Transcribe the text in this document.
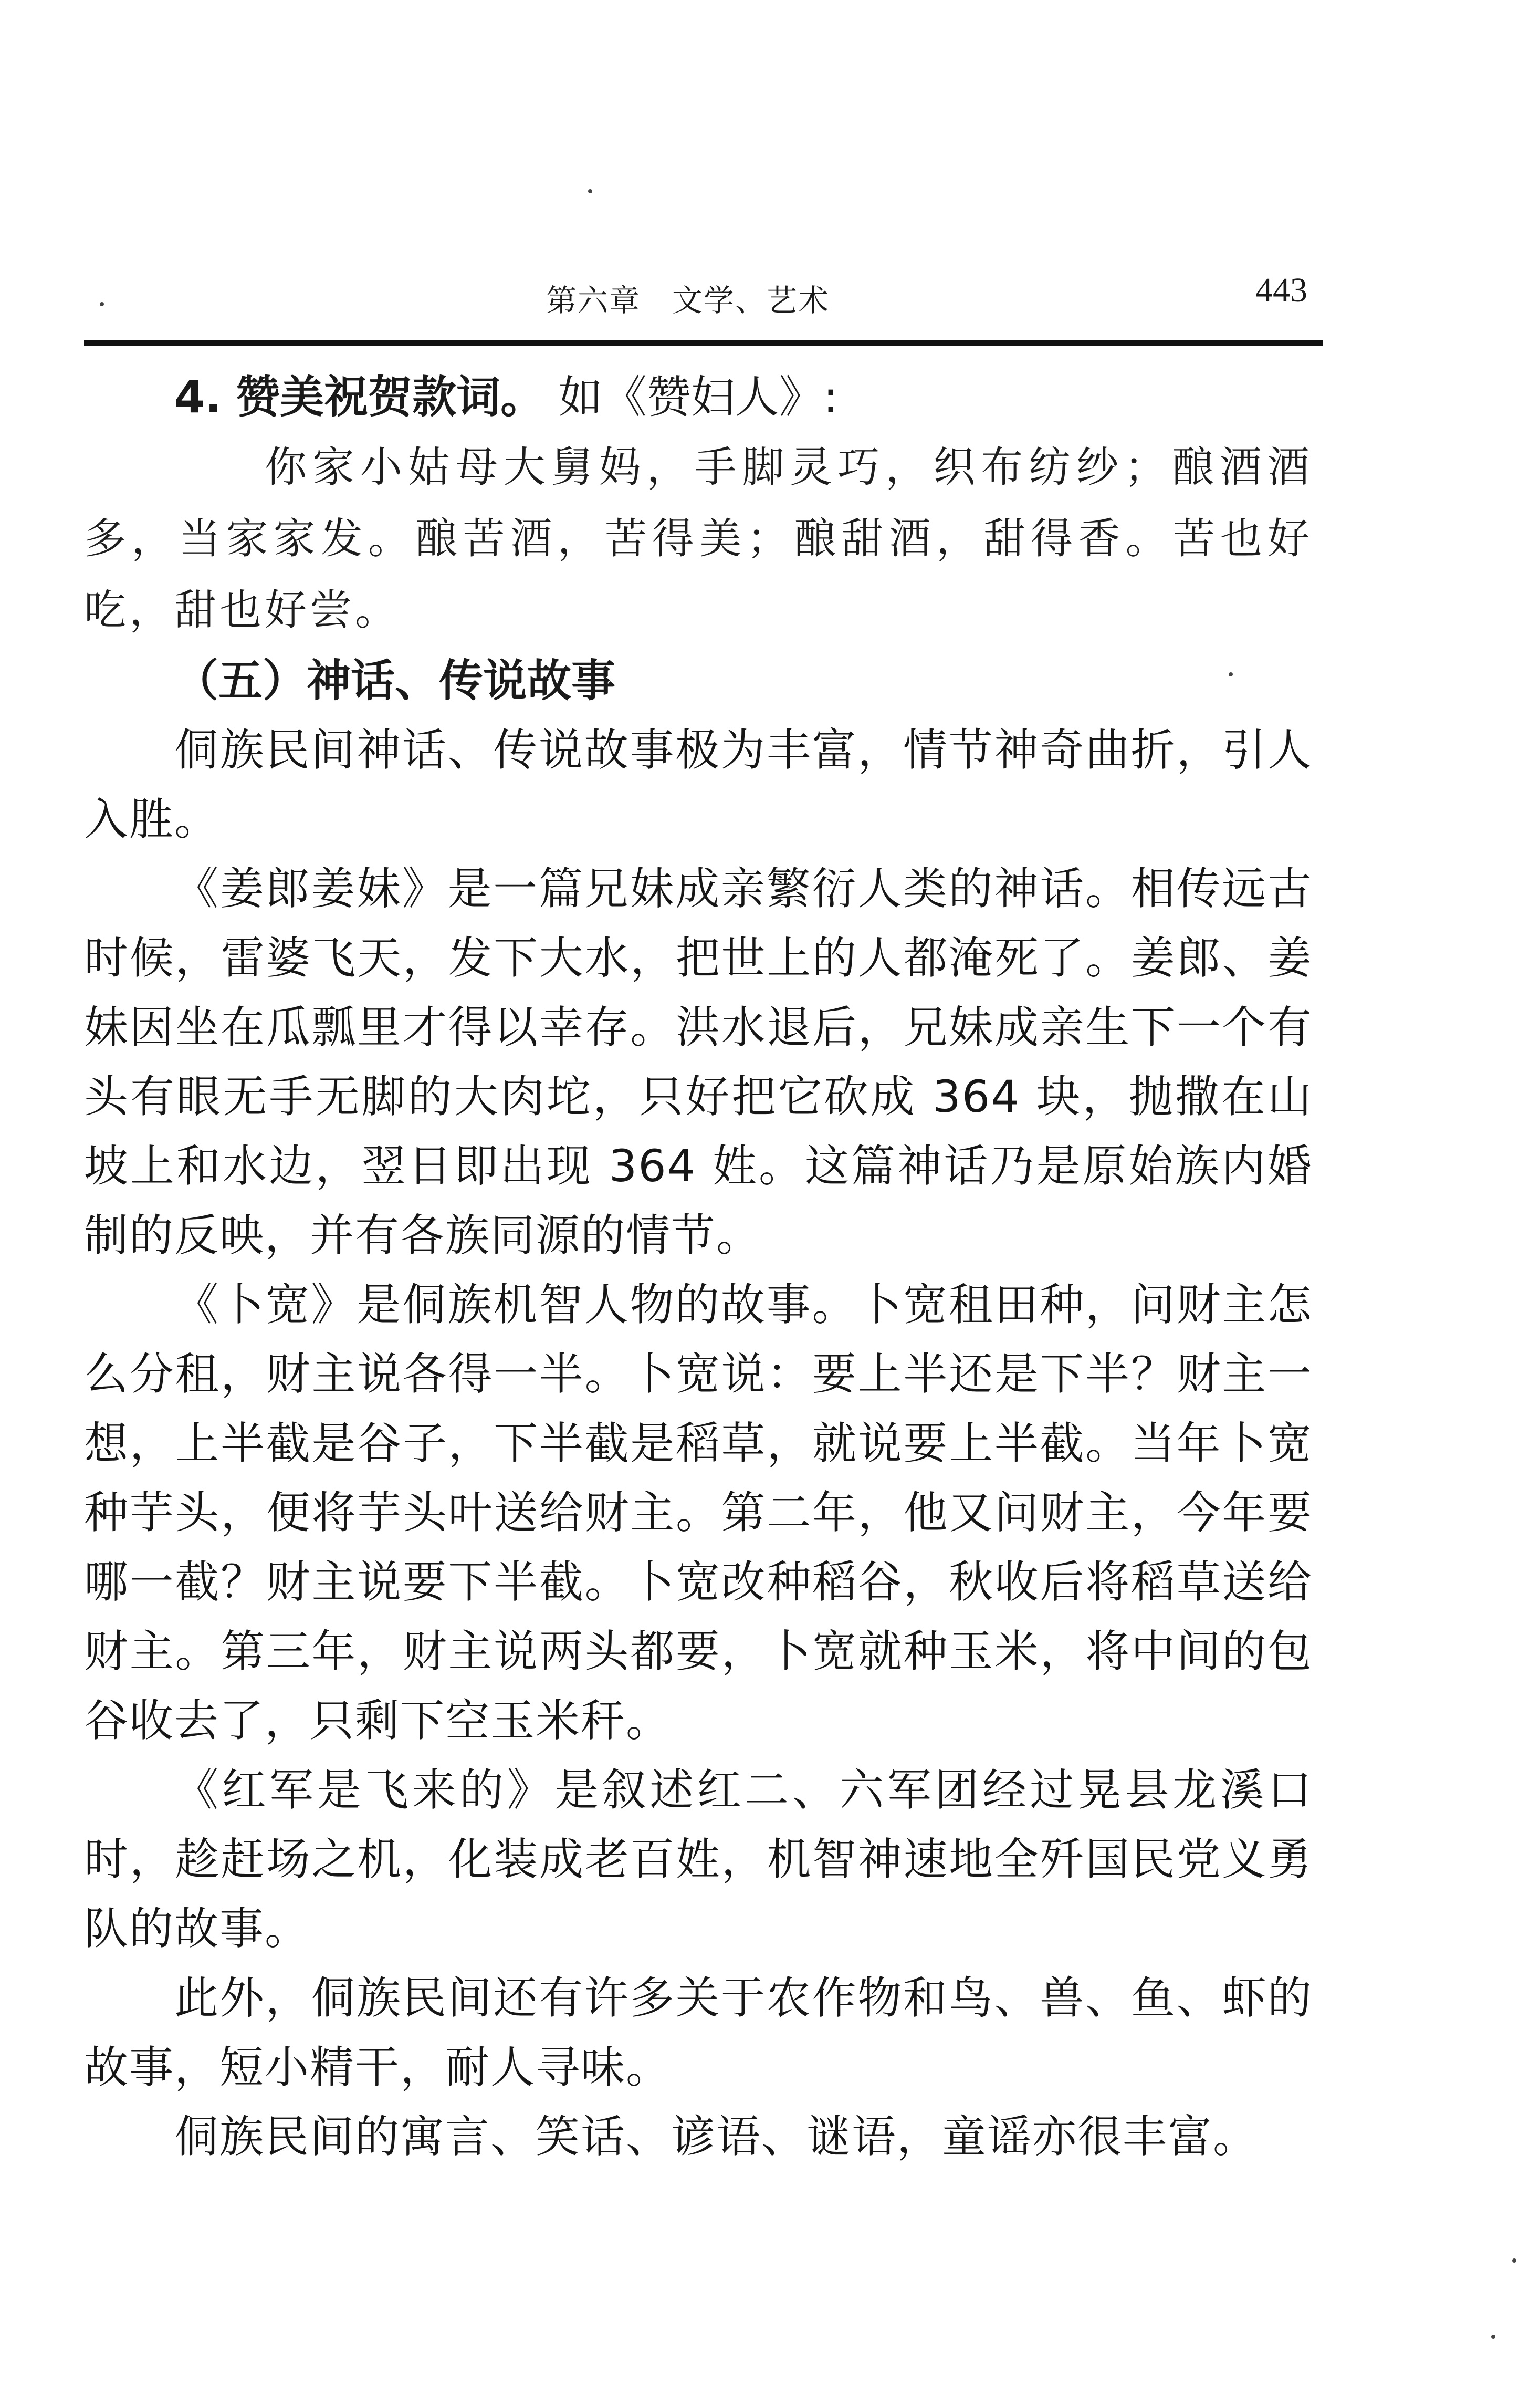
第六章　文学、艺术	443

4. 赞美祝贺款词。 如《赞妇人》:

你家小姑母大舅妈，手脚灵巧，织布纺纱；酿酒酒多，当家家发。酿苦酒，苦得美；酿甜酒，甜得香。苦也好吃，甜也好尝。

（五）神话、传说故事

侗族民间神话、传说故事极为丰富，情节神奇曲折，引人入胜。

《姜郎姜妹》是一篇兄妹成亲繁衍人类的神话。相传远古时候，雷婆飞天，发下大水，把世上的人都淹死了。姜郎、姜妹因坐在瓜瓢里才得以幸存。洪水退后，兄妹成亲生下一个有头有眼无手无脚的大肉坨，只好把它砍成 364 块，抛撒在山坡上和水边，翌日即出现 364 姓。这篇神话乃是原始族内婚制的反映，并有各族同源的情节。

《卜宽》是侗族机智人物的故事。卜宽租田种，问财主怎么分租，财主说各得一半。卜宽说：要上半还是下半？财主一想，上半截是谷子，下半截是稻草，就说要上半截。当年卜宽种芋头，便将芋头叶送给财主。第二年，他又问财主，今年要哪一截？财主说要下半截。卜宽改种稻谷，秋收后将稻草送给财主。第三年，财主说两头都要，卜宽就种玉米，将中间的包谷收去了，只剩下空玉米秆。

《红军是飞来的》是叙述红二、六军团经过晃县龙溪口时，趁赶场之机，化装成老百姓，机智神速地全歼国民党义勇队的故事。

此外，侗族民间还有许多关于农作物和鸟、兽、鱼、虾的故事，短小精干，耐人寻味。

侗族民间的寓言、笑话、谚语、谜语，童谣亦很丰富。
